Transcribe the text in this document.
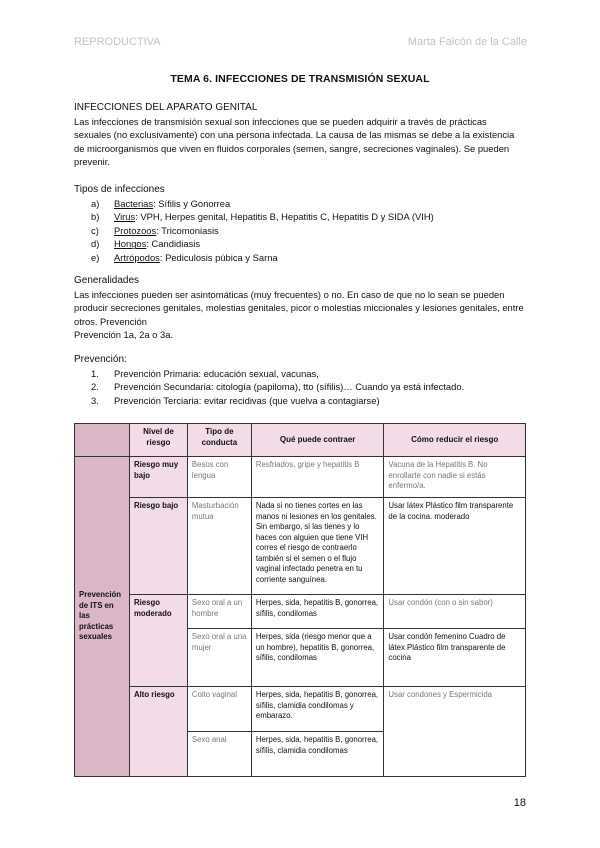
REPRODUCTIVA	Marta Falcón de la Calle
TEMA 6. INFECCIONES DE TRANSMISIÓN SEXUAL

INFECCIONES DEL APARATO GENITAL

Las infecciones de transmisión sexual son infecciones que se pueden adquirir a través de prácticas sexuales (no exclusivamente) con una persona infectada. La causa de las mismas se debe a la existencia de microorganismos que viven en fluidos corporales (semen, sangre, secreciones vaginales). Se pueden prevenir.

Tipos de infecciones

a) Bacterias: Sífilis y Gonorrea
b) Virus: VPH, Herpes genital, Hepatitis B, Hepatitis C, Hepatitis D y SIDA (VIH)
c) Protozoos: Tricomoniasis
d) Hongos: Candidiasis
e) Artrópodos: Pediculosis púbica y Sarna

Generalidades

Las infecciones pueden ser asintomáticas (muy frecuentes) o no. En caso de que no lo sean se pueden producir secreciones genitales, molestias genitales, picor o molestias miccionales y lesiones genitales, entre otros. Prevención

Prevención 1a, 2a o 3a.

Prevención:

1. Prevención Primaria: educación sexual, vacunas,
2. Prevención Secundaria: citología (papiloma), tto (sífilis)… Cuando ya está infectado.
3. Prevención Terciaria: evitar recidivas (que vuelva a contagiarse)
	Nivel de riesgo	Tipo de conducta	Qué puede contraer	Cómo reducir el riesgo
Prevención de ITS en las prácticas sexuales	Riesgo muy bajo	Besos con lengua	Resfriados, gripe y hepatitis B	Vacuna de la Hepatitis B. No enrollarte con nadie si estás enfermo/a.
	Riesgo bajo	Masturbación mutua	Nada si no tienes cortes en las manos ni lesiones en los genitales. Sin embargo, si las tienes y lo haces con alguien que tiene VIH corres el riesgo de contraerlo también si el semen o el flujo vaginal infectado penetra en tu corriente sanguínea.	Usar látex Plástico film transparente de la cocina. moderado
	Riesgo moderado	Sexo oral a un hombre	Herpes, sida, hepatitis B, gonorrea, sífilis, condilomas	Usar condón (con o sin sabor)
		Sexo oral a una mujer	Herpes, sida (riesgo menor que a un hombre), hepatitis B, gonorrea, sífilis, condilomas	Usar condón femenino Cuadro de látex Plástico film transparente de cocina
	Alto riesgo	Coito vaginal	Herpes, sida, hepatitis B, gonorrea, sífilis, clamidia condilomas y embarazo.	Usar condones y Espermicida
		Sexo anal	Herpes, sida, hepatitis B, gonorrea, sífilis, clamidia condilomas	
18
